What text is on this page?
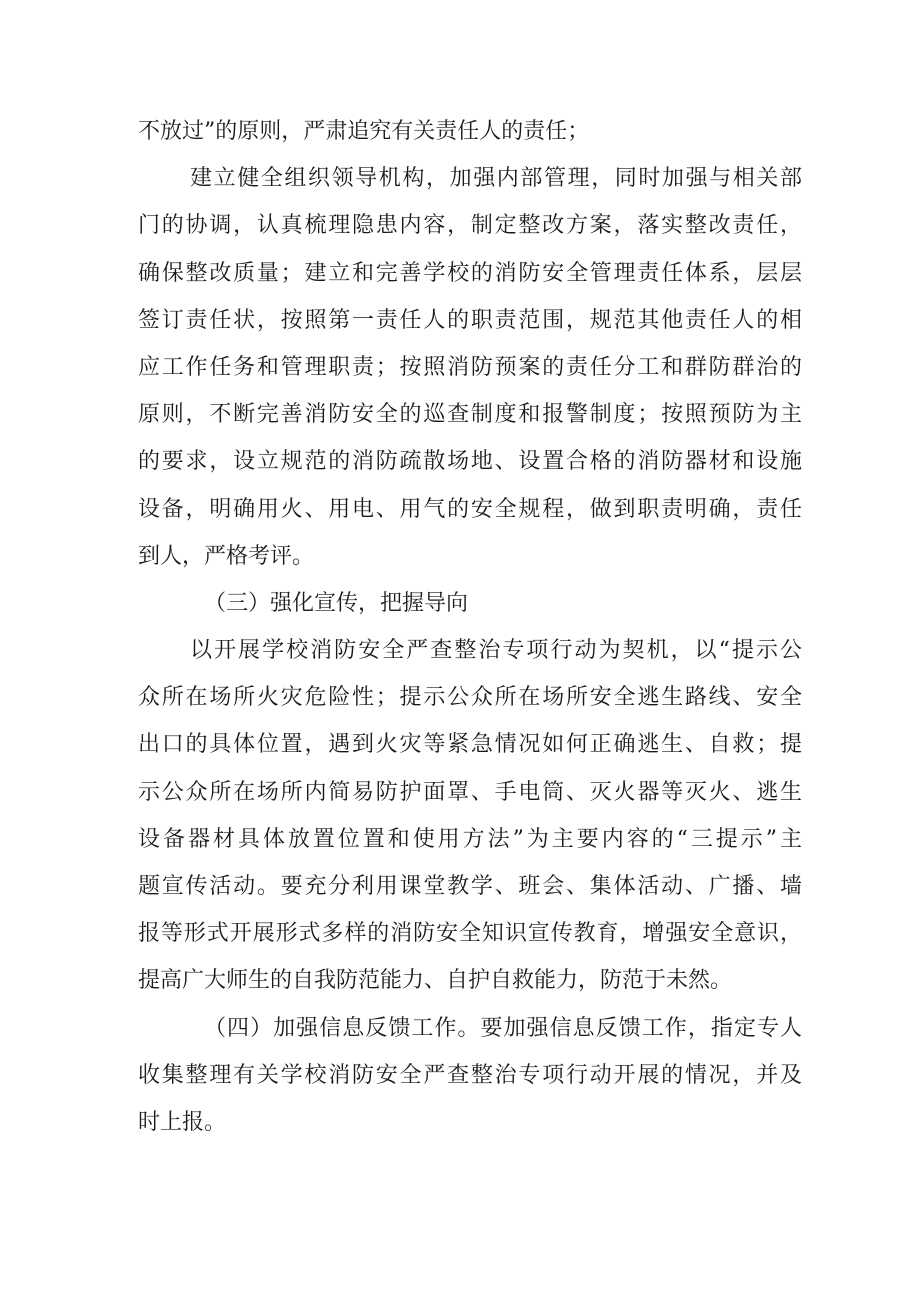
不放过”的原则，严肃追究有关责任人的责任；
建立健全组织领导机构，加强内部管理，同时加强与相关部
门的协调，认真梳理隐患内容，制定整改方案，落实整改责任，
确保整改质量；建立和完善学校的消防安全管理责任体系，层层
签订责任状，按照第一责任人的职责范围，规范其他责任人的相
应工作任务和管理职责；按照消防预案的责任分工和群防群治的
原则，不断完善消防安全的巡查制度和报警制度；按照预防为主
的要求，设立规范的消防疏散场地、设置合格的消防器材和设施
设备，明确用火、用电、用气的安全规程，做到职责明确，责任
到人，严格考评。
（三）强化宣传，把握导向
以开展学校消防安全严查整治专项行动为契机，以“提示公
众所在场所火灾危险性；提示公众所在场所安全逃生路线、安全
出口的具体位置，遇到火灾等紧急情况如何正确逃生、自救；提
示公众所在场所内简易防护面罩、手电筒、灭火器等灭火、逃生
设备器材具体放置位置和使用方法”为主要内容的“三提示”主
题宣传活动。要充分利用课堂教学、班会、集体活动、广播、墙
报等形式开展形式多样的消防安全知识宣传教育，增强安全意识，
提高广大师生的自我防范能力、自护自救能力，防范于未然。
（四）加强信息反馈工作。要加强信息反馈工作，指定专人
收集整理有关学校消防安全严查整治专项行动开展的情况，并及
时上报。
